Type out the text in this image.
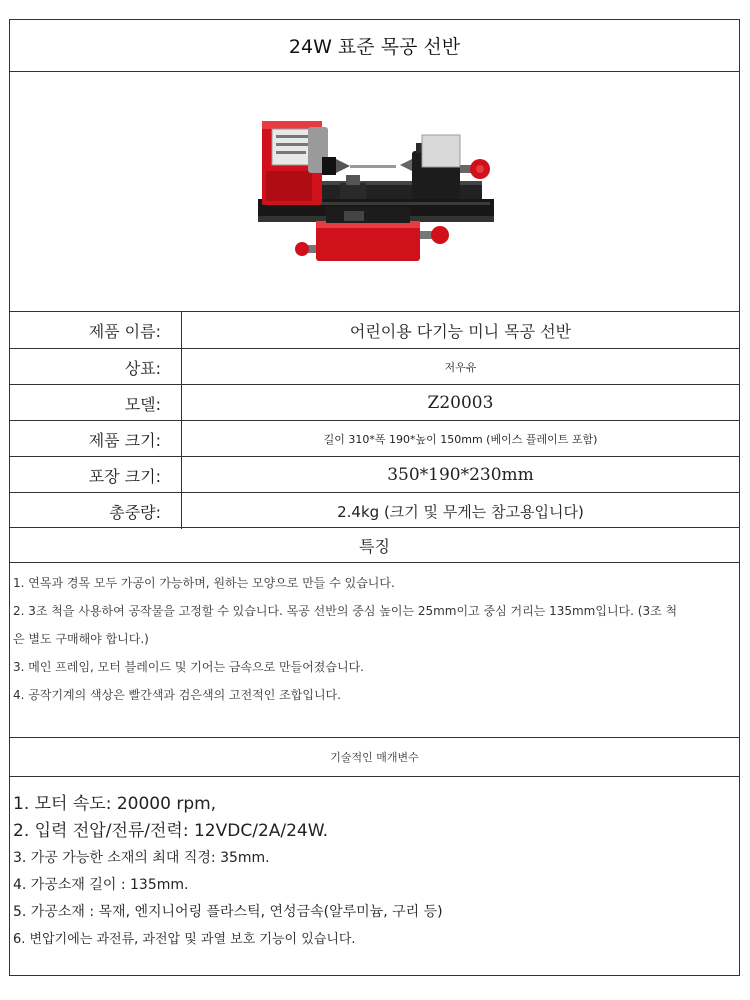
24W 표준 목공 선반
제품 이름:	어린이용 다기능 미니 목공 선반
상표:	저우유
모델:	Z20003
제품 크기:	길이 310*폭 190*높이 150mm (베이스 플레이트 포함)
포장 크기:	350*190*230mm
총중량:	2.4kg (크기 및 무게는 참고용입니다)
특징

1. 연목과 경목 모두 가공이 가능하며, 원하는 모양으로 만들 수 있습니다.

2. 3조 척을 사용하여 공작물을 고정할 수 있습니다. 목공 선반의 중심 높이는 25mm이고 중심 거리는 135mm입니다. (3조 척

은 별도 구매해야 합니다.)

3. 메인 프레임, 모터 블레이드 및 기어는 금속으로 만들어졌습니다.

4. 공작기계의 색상은 빨간색과 검은색의 고전적인 조합입니다.

기술적인 매개변수

1. 모터 속도: 20000 rpm,

2. 입력 전압/전류/전력: 12VDC/2A/24W.

3. 가공 가능한 소재의 최대 직경: 35mm.

4. 가공소재 길이 : 135mm.

5. 가공소재 : 목재, 엔지니어링 플라스틱, 연성금속(알루미늄, 구리 등)

6. 변압기에는 과전류, 과전압 및 과열 보호 기능이 있습니다.
